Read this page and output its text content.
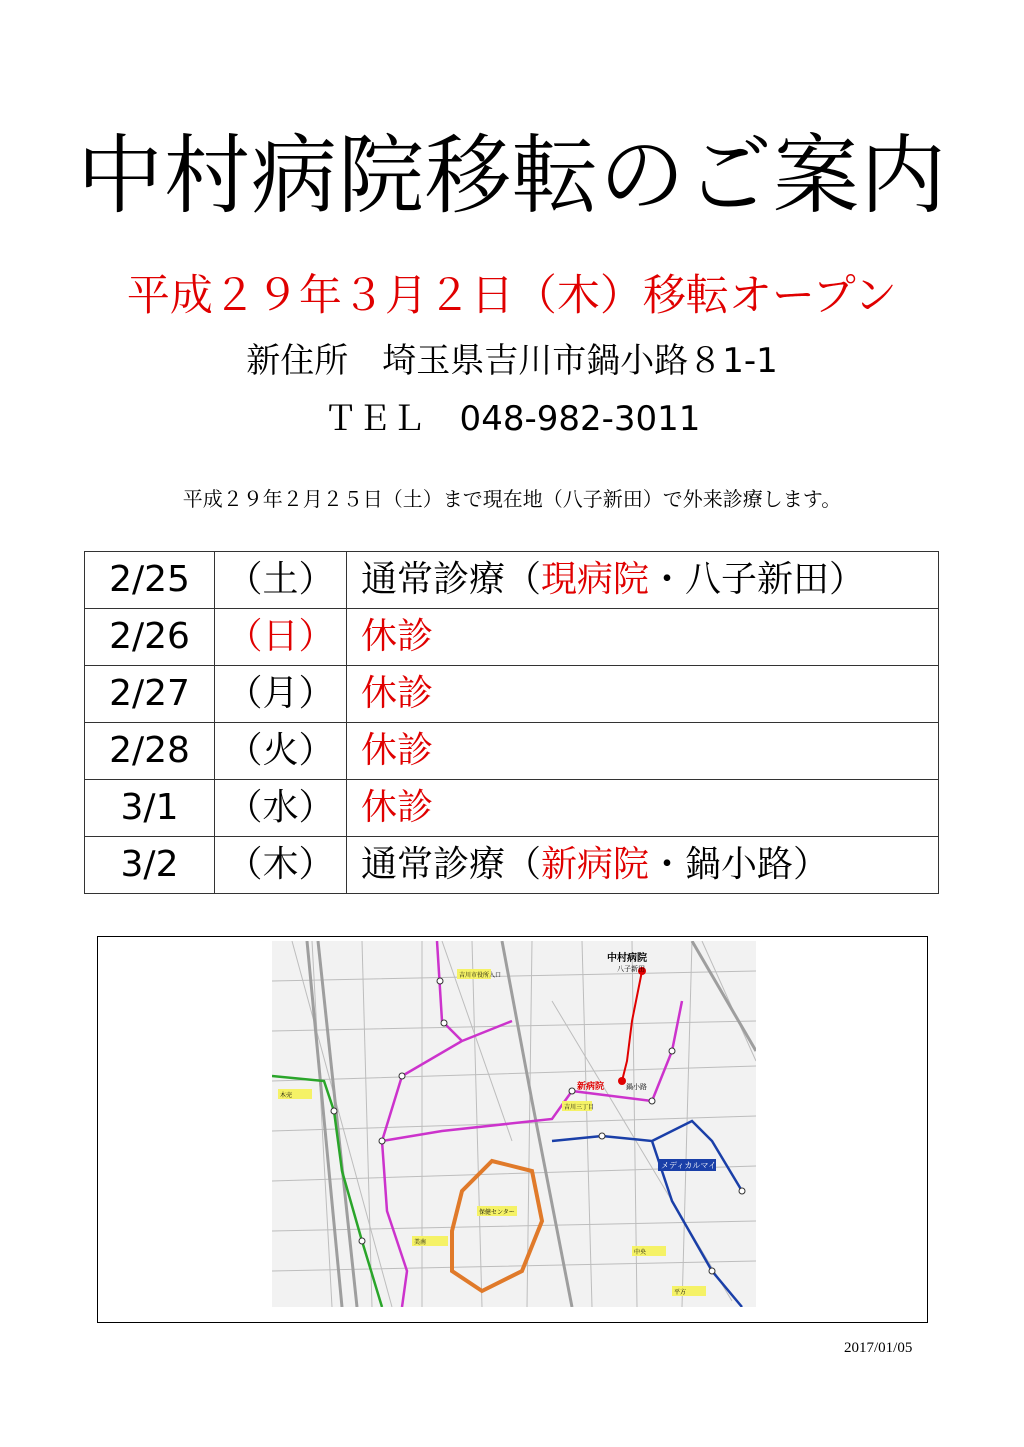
中村病院移転のご案内
平成２９年３月２日（木）移転オープン
新住所　埼玉県吉川市鍋小路８1-1
ＴＥＬ　048-982-3011
平成２９年２月２５日（土）まで現在地（八子新田）で外来診療します。
2/25	（土）	通常診療（現病院・八子新田）
2/26	（日）	休診
2/27	（月）	休診
2/28	（火）	休診
3/1	（水）	休診
3/2	（木）	通常診療（新病院・鍋小路）
中村病院
八子新田
新病院	鍋小路
メディカルマイ
吉川市役所入口
木売
吉川三丁目
保健センター
美南
中央
平方
2017/01/05
